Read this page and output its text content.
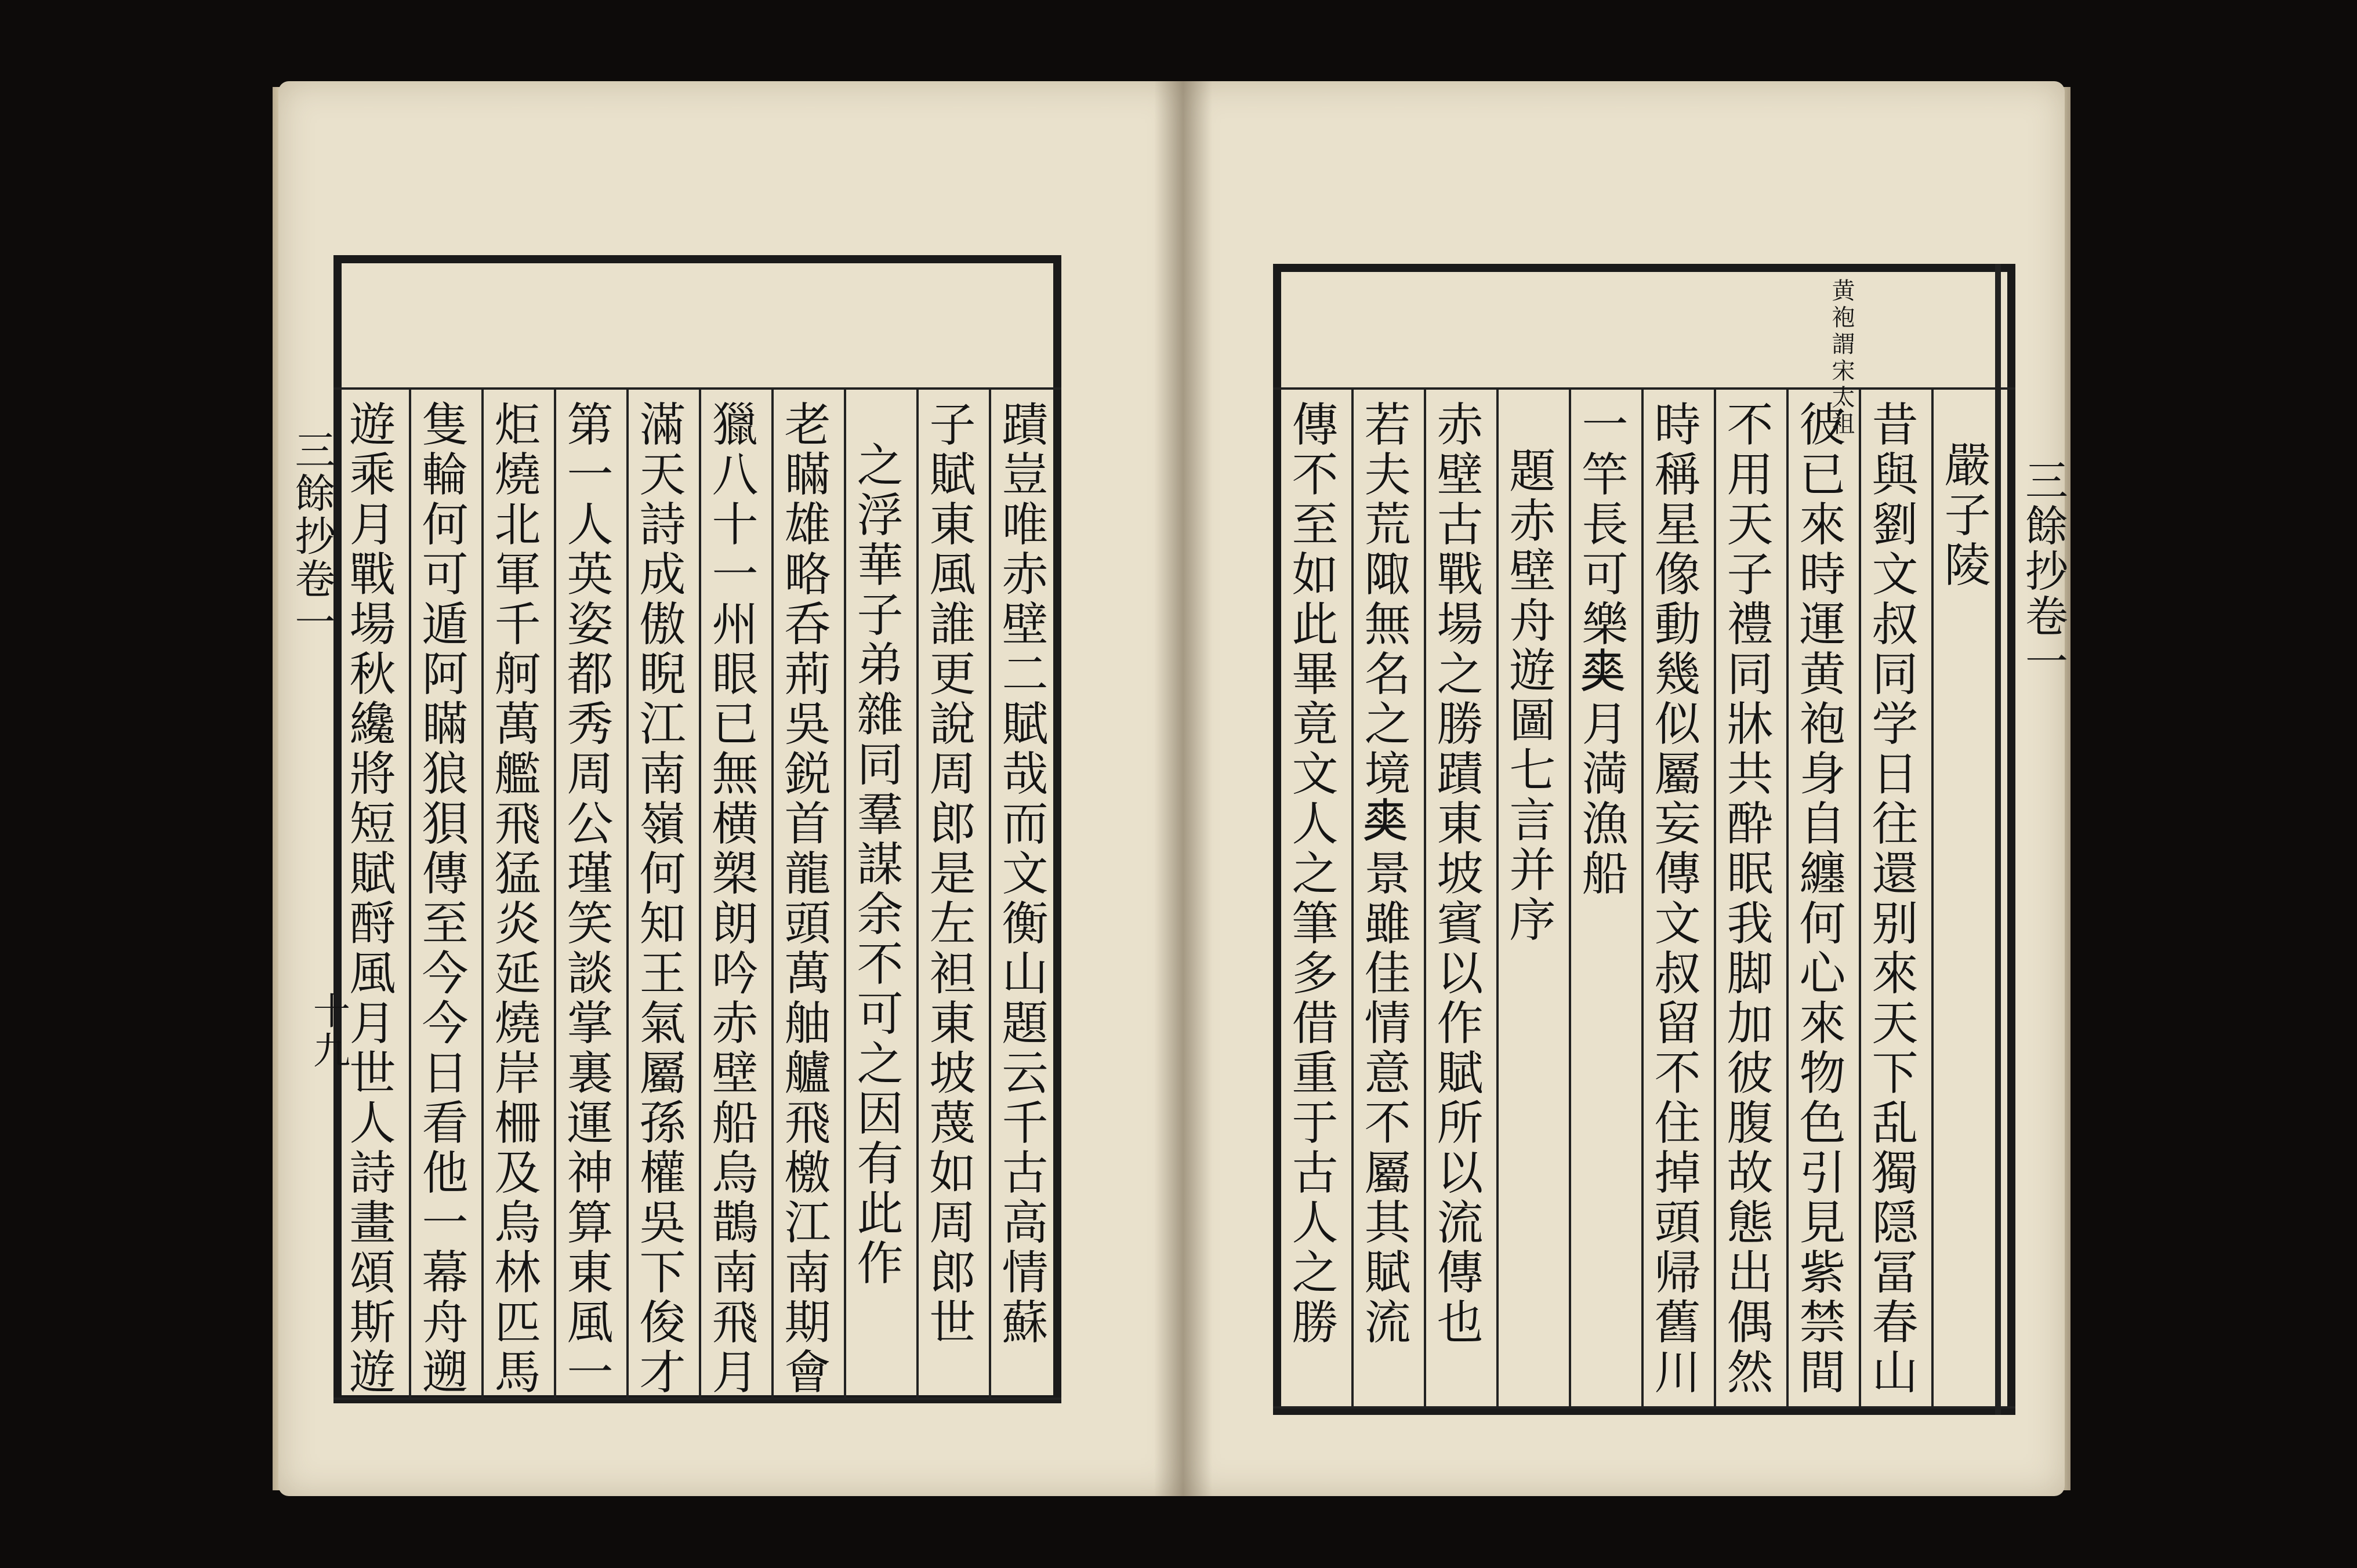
蹟豈唯赤壁二賦哉而文衡山題云千古高情蘇
子賦東風誰更說周郎是左袒東坡蔑如周郎世
之浮華子弟雜同羣謀余不可之因有此作
老瞞雄略呑荊吳鋭首龍頭萬舳艫飛檄江南期會
獵八十一州眼已無横槊朗吟赤壁船烏鵲南飛月
滿天詩成傲睨江南嶺何知王氣屬孫權吳下俊才
第一人英姿都秀周公瑾笑談掌裏運神算東風一
炬燒北軍千舸萬艦飛猛炎延燒岸柵及烏林匹馬
隻輪何可遁阿瞞狼狽傳至今今日看他一幕舟遡
遊乘月戰場秋纔將短賦酹風月世人詩畫頌斯遊
三餘抄卷一
十九
黄袍謂宋太祖
嚴子陵
昔與劉文叔同学日往還别來天下乱獨隠冨春山
彼已來時運黄袍身自纏何心來物色引見紫禁間
不用天子禮同牀共酔眠我脚加彼腹故態出偶然
時稱星像動幾似屬妄傳文叔留不住掉頭帰舊川
一竿長可樂𠁊月満漁船
題赤壁舟遊圖七言并序
赤壁古戰場之勝蹟東坡賓以作賦所以流傳也
若夫荒陬無名之境𠁊景雖佳情意不屬其賦流
傳不至如此畢竟文人之筆多借重于古人之勝	三餘抄卷一
